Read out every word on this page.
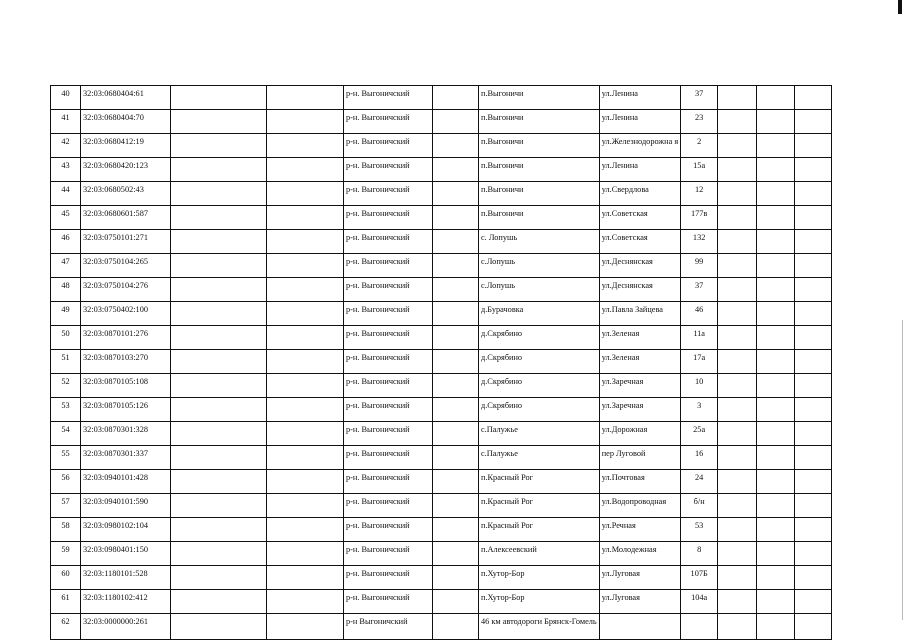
40	32:03:0680404:61			р-н. Выгоничский		п.Выгоничи	ул.Ленина	37			
41	32:03:0680404:70			р-н. Выгоничский		п.Выгоничи	ул.Ленина	23			
42	32:03:0680412:19			р-н. Выгоничский		п.Выгоничи	ул.Железнодорожна я	2			
43	32:03:0680420:123			р-н. Выгоничский		п.Выгоничи	ул.Ленина	15а			
44	32:03:0680502:43			р-н. Выгоничский		п.Выгоничи	ул.Свердлова	12			
45	32:03:0680601:587			р-н. Выгоничский		п.Выгоничи	ул.Советская	177в			
46	32:03:0750101:271			р-н. Выгоничский		с. Лопушь	ул.Советская	132			
47	32:03:0750104:265			р-н. Выгоничский		с.Лопушь	ул.Деснянская	99			
48	32:03:0750104:276			р-н. Выгоничский		с.Лопушь	ул.Деснянская	37			
49	32:03:0750402:100			р-н. Выгоничский		д.Бурачовка	ул.Павла Зайцева	46			
50	32:03:0870101:276			р-н. Выгоничский		д.Скрябино	ул.Зеленая	11а			
51	32:03:0870103:270			р-н. Выгоничский		д.Скрябино	ул.Зеленая	17а			
52	32:03:0870105:108			р-н. Выгоничский		д.Скрябино	ул.Заречная	10			
53	32:03:0870105:126			р-н. Выгоничский		д.Скрябино	ул.Заречная	3			
54	32:03:0870301:328			р-н. Выгоничский		с.Палужье	ул.Дорожная	25а			
55	32:03:0870301:337			р-н. Выгоничский		с.Палужье	пер Луговой	16			
56	32:03:0940101:428			р-н. Выгоничский		п.Красный Рог	ул.Почтовая	24			
57	32:03:0940101:590			р-н. Выгоничский		п.Красный Рог	ул.Водопроводная	б/н			
58	32:03:0980102:104			р-н. Выгоничский		п.Красный Рог	ул.Речная	53			
59	32:03:0980401:150			р-н. Выгоничский		п.Алексеевский	ул.Молодежная	8			
60	32:03:1180101:528			р-н. Выгоничский		п.Хутор-Бор	ул.Луговая	107Б			
61	32:03:1180102:412			р-н. Выгоничский		п.Хутор-Бор	ул.Луговая	104а			
62	32:03:0000000:261			р-н Выгоничский		46 км автодороги Брянск-Гомель					
